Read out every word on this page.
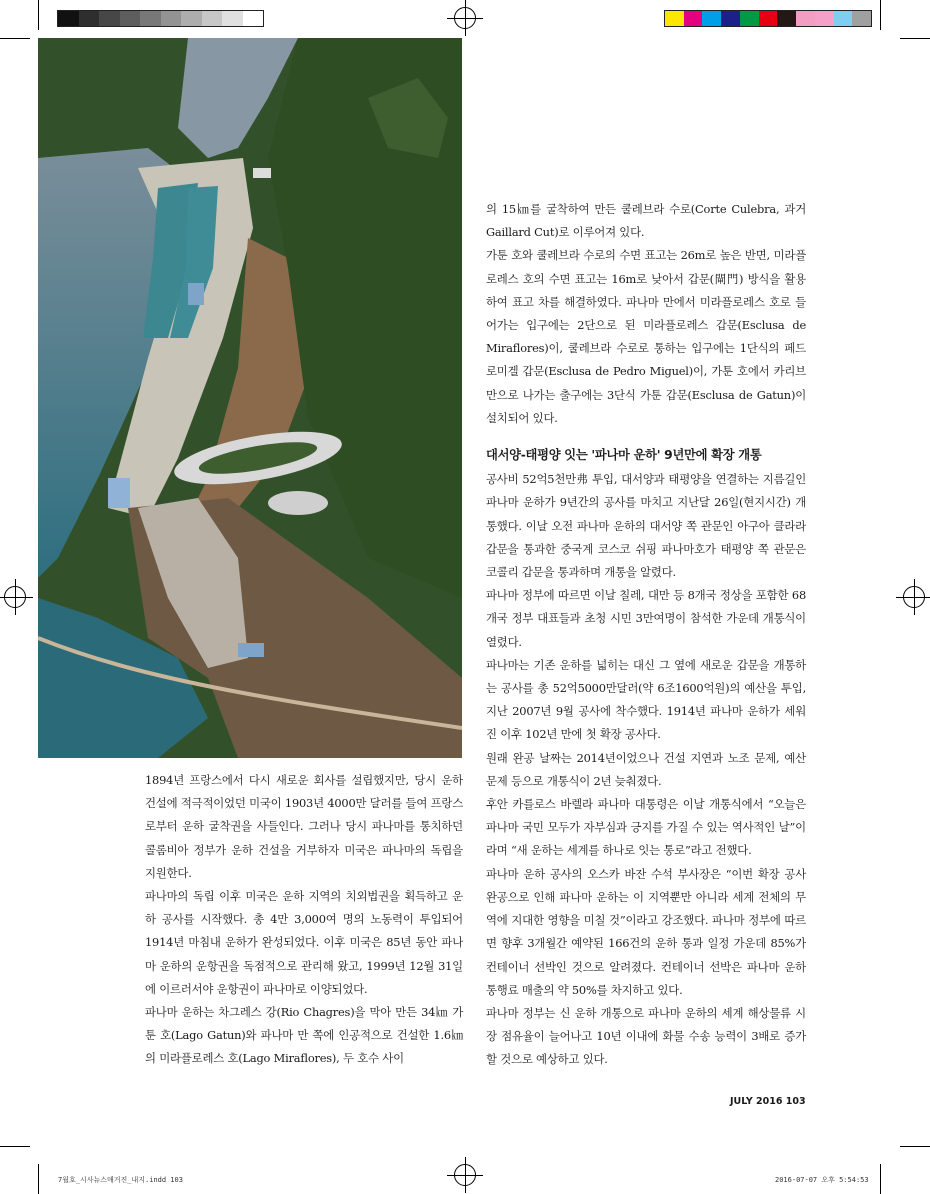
1894년 프랑스에서 다시 새로운 회사를 설립했지만, 당시 운하 건설에 적극적이었던 미국이 1903년 4000만 달러를 들여 프랑스로부터 운하 굴착권을 사들인다. 그러나 당시 파나마를 통치하던 콜롬비아 정부가 운하 건설을 거부하자 미국은 파나마의 독립을 지원한다.

파나마의 독립 이후 미국은 운하 지역의 치외법권을 획득하고 운하 공사를 시작했다. 총 4만 3,000여 명의 노동력이 투입되어 1914년 마침내 운하가 완성되었다. 이후 미국은 85년 동안 파나마 운하의 운항권을 독점적으로 관리해 왔고, 1999년 12월 31일에 이르러서야 운항권이 파나마로 이양되었다.

파나마 운하는 차그레스 강(Rio Chagres)을 막아 만든 34㎞ 가툰 호(Lago Gatun)와 파나마 만 쪽에 인공적으로 건설한 1.6㎞의 미라플로레스 호(Lago Miraflores), 두 호수 사이

의 15㎞를 굴착하여 만든 쿨레브라 수로(Corte Culebra, 과거 Gaillard Cut)로 이루어져 있다.

가툰 호와 쿨레브라 수로의 수면 표고는 26m로 높은 반면, 미라플로레스 호의 수면 표고는 16m로 낮아서 갑문(閘門) 방식을 활용하여 표고 차를 해결하였다. 파나마 만에서 미라플로레스 호로 들어가는 입구에는 2단으로 된 미라플로레스 갑문(Esclusa de Miraflores)이, 쿨레브라 수로로 통하는 입구에는 1단식의 페드로미겔 갑문(Esclusa de Pedro Miguel)이, 가툰 호에서 카리브 만으로 나가는 출구에는 3단식 가툰 갑문(Esclusa de Gatun)이 설치되어 있다.

대서양-태평양 잇는 '파나마 운하' 9년만에 확장 개통

공사비 52억5천만弗 투입, 대서양과 태평양을 연결하는 지름길인 파나마 운하가 9년간의 공사를 마치고 지난달 26일(현지시간) 개통했다. 이날 오전 파나마 운하의 대서양 쪽 관문인 아구아 클라라 갑문을 통과한 중국계 코스코 쉬핑 파나마호가 태평양 쪽 관문은 코콜리 갑문을 통과하며 개통을 알렸다.

파나마 정부에 따르면 이날 칠레, 대만 등 8개국 정상을 포함한 68개국 정부 대표들과 초청 시민 3만여명이 참석한 가운데 개통식이 열렸다.

파나마는 기존 운하를 넓히는 대신 그 옆에 새로운 갑문을 개통하는 공사를 총 52억5000만달러(약 6조1600억원)의 예산을 투입, 지난 2007년 9월 공사에 착수했다. 1914년 파나마 운하가 세워진 이후 102년 만에 첫 확장 공사다.

원래 완공 날짜는 2014년이었으나 건설 지연과 노조 문제, 예산 문제 등으로 개통식이 2년 늦춰졌다.

후안 카를로스 바렐라 파나마 대통령은 이날 개통식에서 “오늘은 파나마 국민 모두가 자부심과 긍지를 가질 수 있는 역사적인 날”이라며 “새 운하는 세계를 하나로 잇는 통로”라고 전했다.

파나마 운하 공사의 오스카 바잔 수석 부사장은 “이번 확장 공사 완공으로 인해 파나마 운하는 이 지역뿐만 아니라 세계 전체의 무역에 지대한 영향을 미칠 것”이라고 강조했다. 파나마 정부에 따르면 향후 3개월간 예약된 166건의 운하 통과 일정 가운데 85%가 컨테이너 선박인 것으로 알려졌다. 컨테이너 선박은 파나마 운하 통행료 매출의 약 50%를 차지하고 있다.

파나마 정부는 신 운하 개통으로 파나마 운하의 세계 해상물류 시장 점유율이 늘어나고 10년 이내에 화물 수송 능력이 3배로 증가할 것으로 예상하고 있다.

JULY 2016 103
7월호_시사뉴스매거진_내지.indd 103	2016-07-07 오후 5:54:53
